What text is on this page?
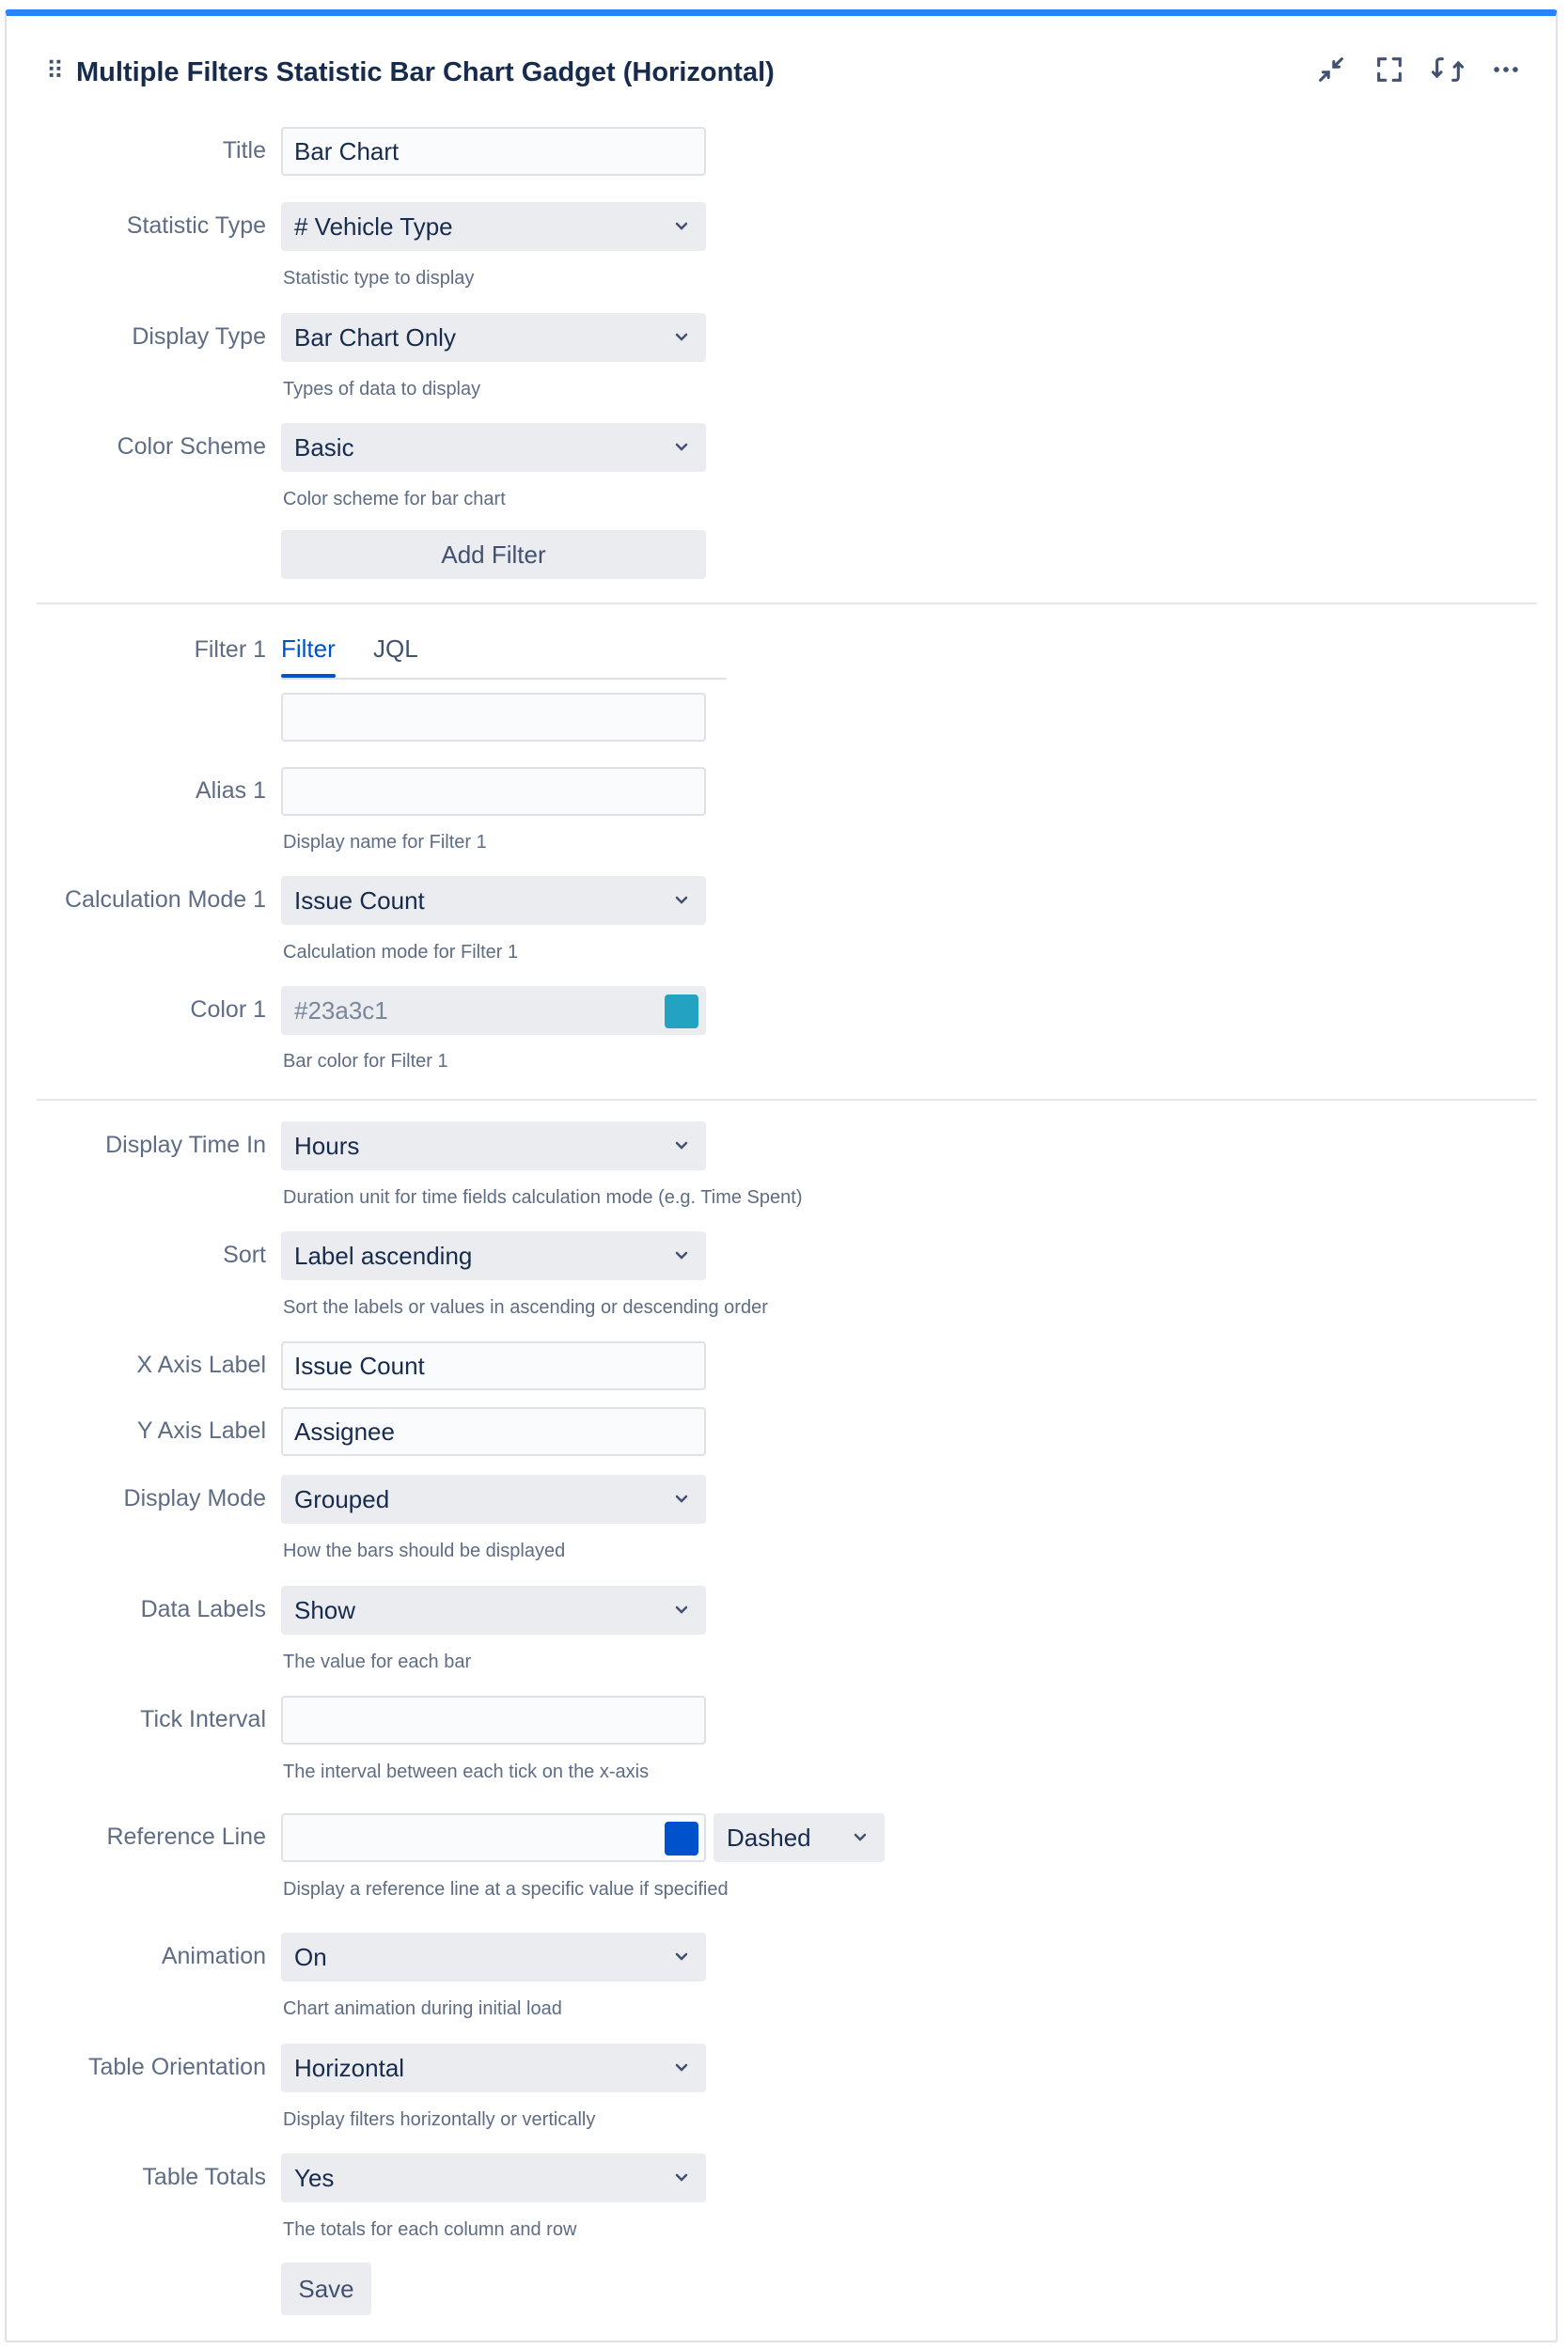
⠿ Multiple Filters Statistic Bar Chart Gadget (Horizontal)
Title	Bar Chart
Statistic Type # Vehicle Type
Statistic type to display
Display Type Bar Chart Only
Types of data to display
Color Scheme Basic
Color scheme for bar chart
Add Filter
Filter 1 Filter JQL
Alias 1
Display name for Filter 1
Calculation Mode 1 Issue Count
Calculation mode for Filter 1
Color 1 #23a3c1
Bar color for Filter 1
Display Time In Hours
Duration unit for time fields calculation mode (e.g. Time Spent)
Sort Label ascending
Sort the labels or values in ascending or descending order
X Axis Label	Issue Count
Y Axis Label	Assignee
Display Mode Grouped
How the bars should be displayed
Data Labels Show
The value for each bar
Tick Interval
The interval between each tick on the x-axis
Reference Line	Dashed
Display a reference line at a specific value if specified
Animation On
Chart animation during initial load
Table Orientation Horizontal
Display filters horizontally or vertically
Table Totals Yes
The totals for each column and row
Save
